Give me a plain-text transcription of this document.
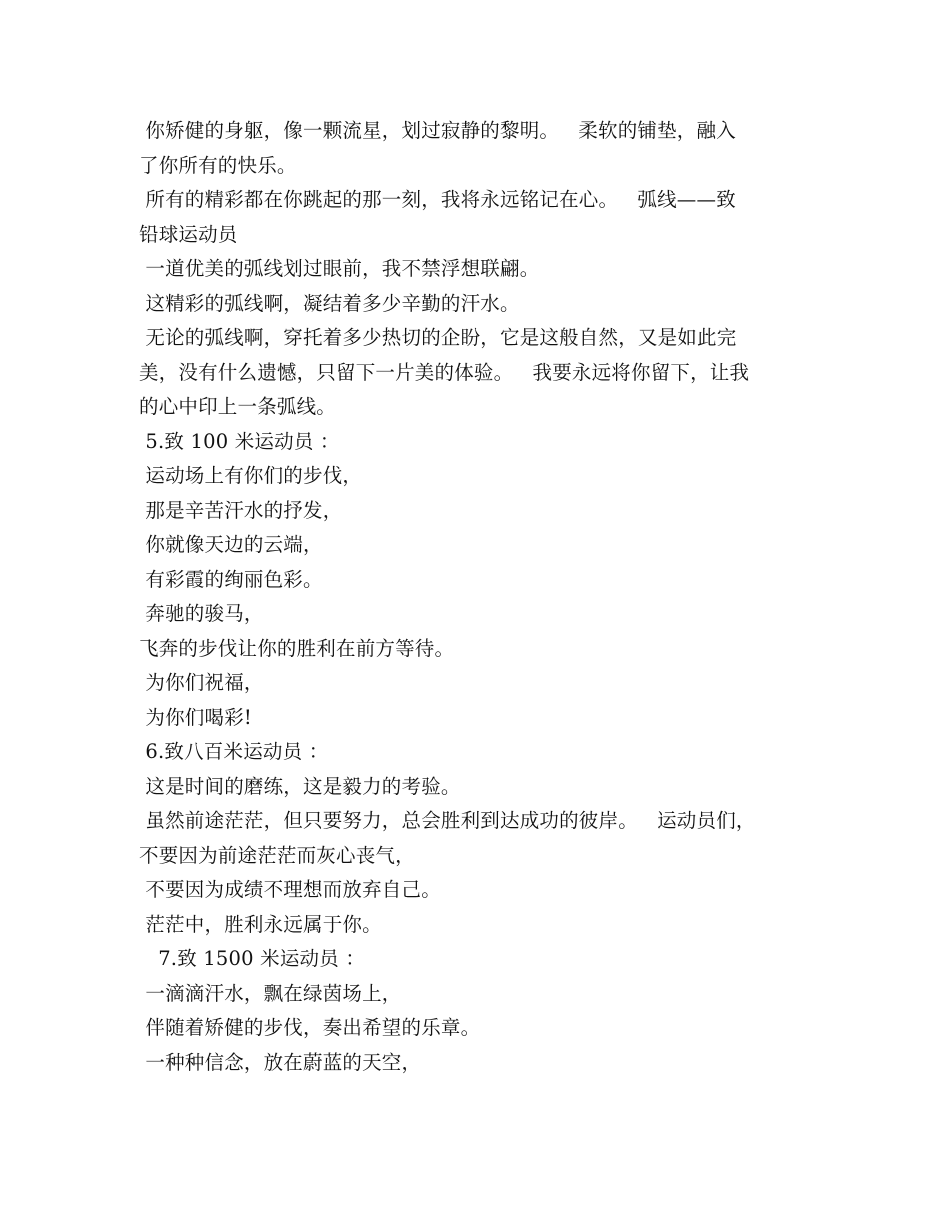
你矫健的身躯，像一颗流星，划过寂静的黎明。   柔软的铺垫，融入
了你所有的快乐。
所有的精彩都在你跳起的那一刻，我将永远铭记在心。   弧线——致
铅球运动员
一道优美的弧线划过眼前，我不禁浮想联翩。
这精彩的弧线啊，凝结着多少辛勤的汗水。
无论的弧线啊，穿托着多少热切的企盼，它是这般自然，又是如此完
美，没有什么遗憾，只留下一片美的体验。   我要永远将你留下，让我
的心中印上一条弧线。
5.致 100 米运动员 ：
运动场上有你们的步伐，
那是辛苦汗水的抒发，
你就像天边的云端，
有彩霞的绚丽色彩。
奔驰的骏马，
飞奔的步伐让你的胜利在前方等待。
为你们祝福，
为你们喝彩!
6.致八百米运动员 ：
这是时间的磨练，这是毅力的考验。
虽然前途茫茫，但只要努力，总会胜利到达成功的彼岸。   运动员们，
不要因为前途茫茫而灰心丧气，
不要因为成绩不理想而放弃自己。
茫茫中，胜利永远属于你。
7.致 1500 米运动员 ：
一滴滴汗水，飘在绿茵场上，
伴随着矫健的步伐，奏出希望的乐章。
一种种信念，放在蔚蓝的天空，
